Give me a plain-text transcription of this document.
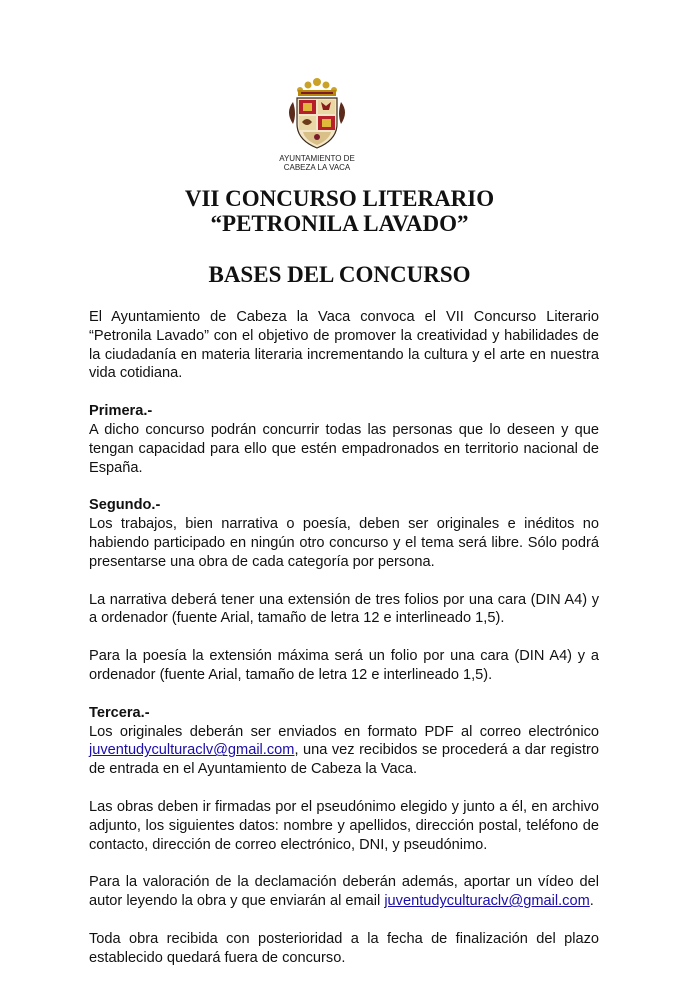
AYUNTAMIENTO DE
CABEZA LA VACA
VII CONCURSO LITERARIO
“PETRONILA LAVADO”
BASES DEL CONCURSO

El Ayuntamiento de Cabeza la Vaca convoca el VII Concurso Literario “Petronila Lavado” con el objetivo de promover la creatividad y habilidades de la ciudadanía en materia literaria incrementando la cultura y el arte en nuestra vida cotidiana.

Primera.-
A dicho concurso podrán concurrir todas las personas que lo deseen y que tengan capacidad para ello que estén empadronados en territorio nacional de España.
Segundo.-
Los trabajos, bien narrativa o poesía, deben ser originales e inéditos no habiendo participado en ningún otro concurso y el tema será libre. Sólo podrá presentarse una obra de cada categoría por persona.

La narrativa deberá tener una extensión de tres folios por una cara (DIN A4) y a ordenador (fuente Arial, tamaño de letra 12 e interlineado 1,5).

Para la poesía la extensión máxima será un folio por una cara (DIN A4) y a ordenador (fuente Arial, tamaño de letra 12 e interlineado 1,5).

Tercera.-
Los originales deberán ser enviados en formato PDF al correo electrónico juventudyculturaclv@gmail.com, una vez recibidos se procederá a dar registro de entrada en el Ayuntamiento de Cabeza la Vaca.

Las obras deben ir firmadas por el pseudónimo elegido y junto a él, en archivo adjunto, los siguientes datos: nombre y apellidos, dirección postal, teléfono de contacto, dirección de correo electrónico, DNI, y pseudónimo.

Para la valoración de la declamación deberán además, aportar un vídeo del autor leyendo la obra y que enviarán al email juventudyculturaclv@gmail.com.

Toda obra recibida con posterioridad a la fecha de finalización del plazo establecido quedará fuera de concurso.
